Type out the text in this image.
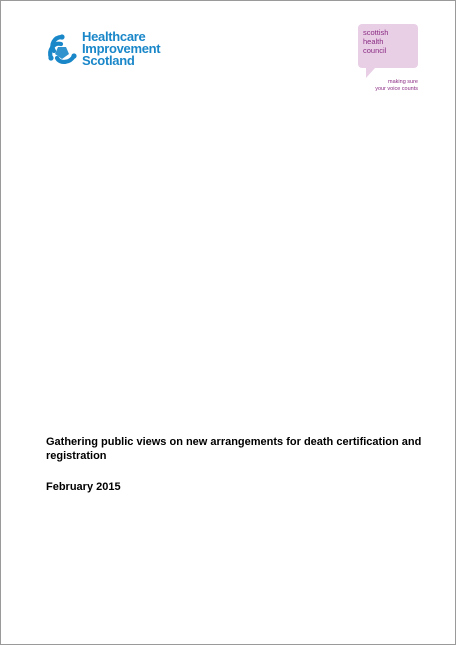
Healthcare
Improvement
Scotland
scottish
health
council
making sure
your voice counts

Gathering public views on new arrangements for death certification and registration

February 2015
